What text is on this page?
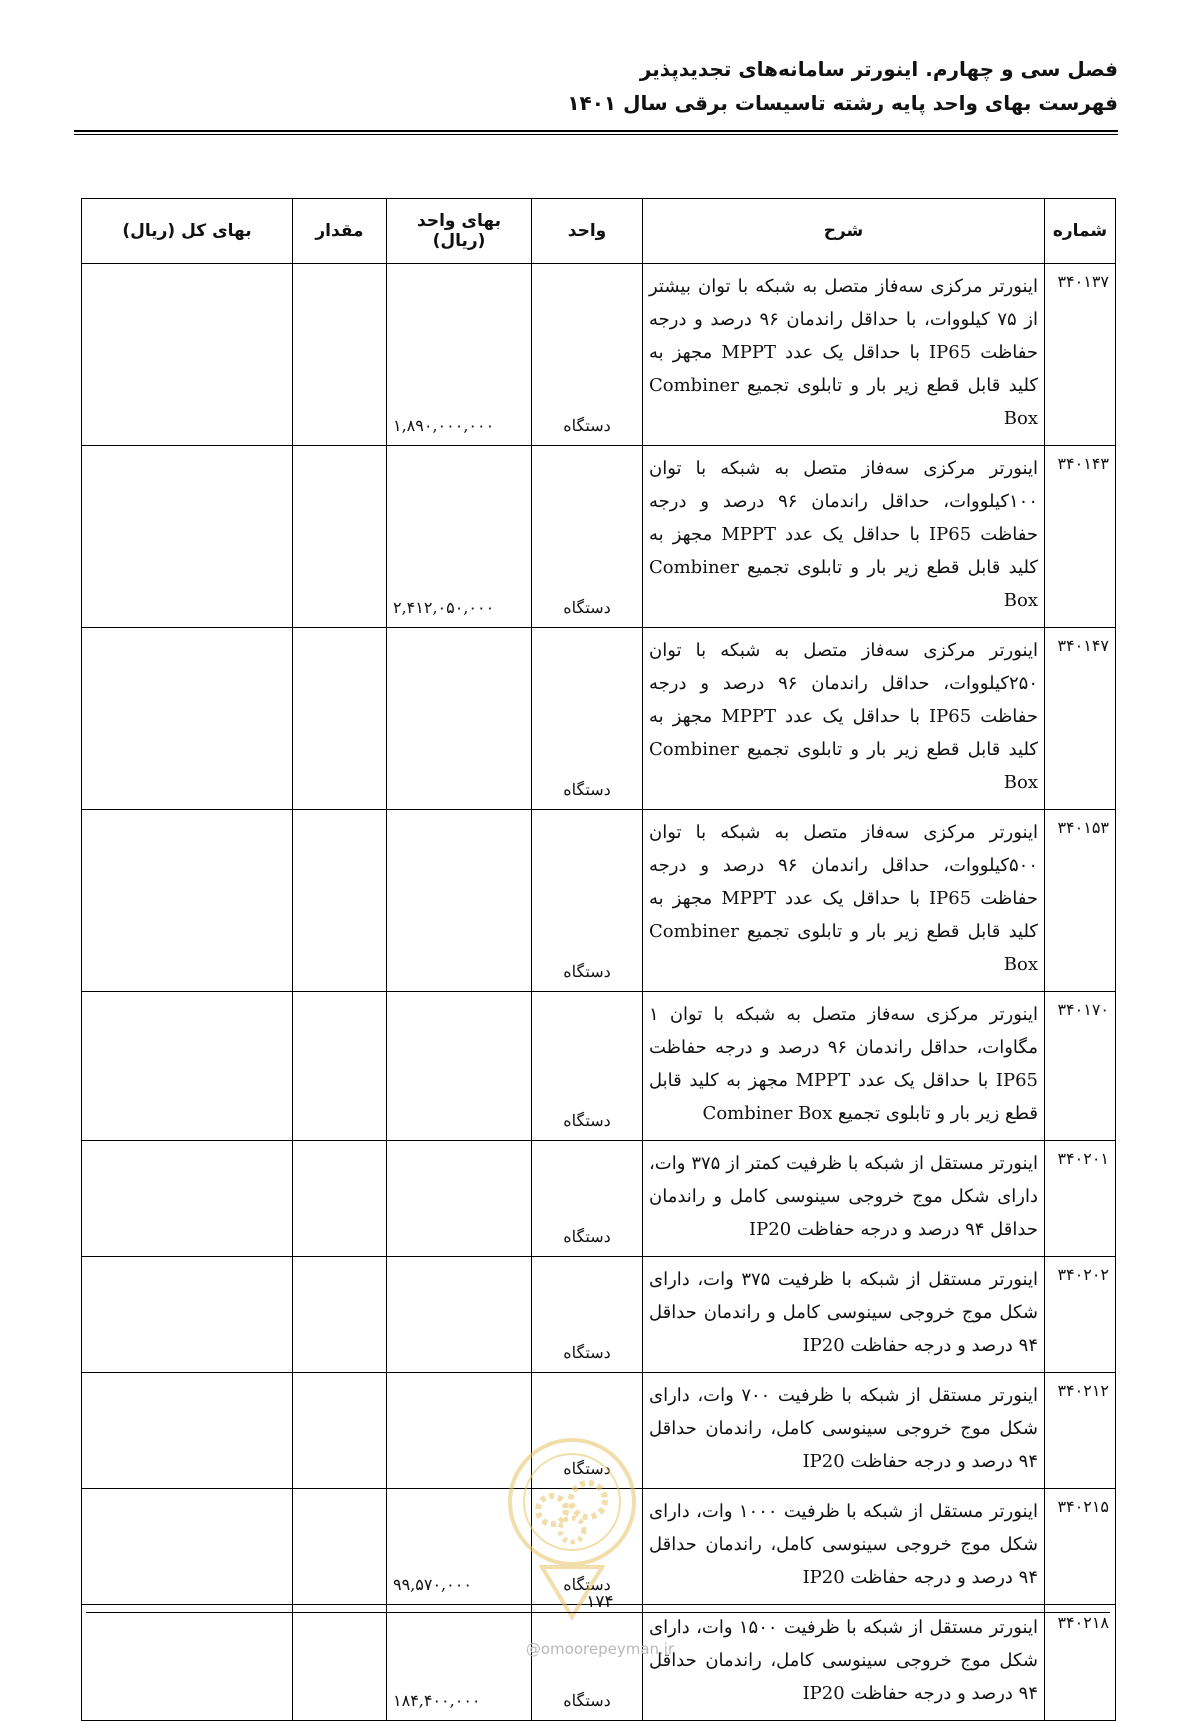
فصل سی و چهارم. اینورتر سامانه‌های تجدیدپذیر
فهرست بهای واحد پایه رشته تاسیسات برقی سال ۱۴۰۱
شماره	شرح	واحد	بهای واحد (ریال)	مقدار	بهای کل (ریال)
۳۴۰۱۳۷	اینورتر مرکزی سه‌فاز متصل به شبکه با توان بیشتر از ۷۵ کیلووات، با حداقل راندمان ۹۶ درصد و درجه حفاظت IP65 با حداقل یک عدد MPPT مجهز به کلید قابل قطع زیر بار و تابلوی تجمیع Combiner Box	دستگاه	۱,۸۹۰,۰۰۰,۰۰۰		
۳۴۰۱۴۳	اینورتر مرکزی سه‌فاز متصل به شبکه با توان ۱۰۰کیلووات، حداقل راندمان ۹۶ درصد و درجه حفاظت IP65 با حداقل یک عدد MPPT مجهز به کلید قابل قطع زیر بار و تابلوی تجمیع Combiner Box	دستگاه	۲,۴۱۲,۰۵۰,۰۰۰		
۳۴۰۱۴۷	اینورتر مرکزی سه‌فاز متصل به شبکه با توان ۲۵۰کیلووات، حداقل راندمان ۹۶ درصد و درجه حفاظت IP65 با حداقل یک عدد MPPT مجهز به کلید قابل قطع زیر بار و تابلوی تجمیع Combiner Box	دستگاه			
۳۴۰۱۵۳	اینورتر مرکزی سه‌فاز متصل به شبکه با توان ۵۰۰کیلووات، حداقل راندمان ۹۶ درصد و درجه حفاظت IP65 با حداقل یک عدد MPPT مجهز به کلید قابل قطع زیر بار و تابلوی تجمیع Combiner Box	دستگاه			
۳۴۰۱۷۰	اینورتر مرکزی سه‌فاز متصل به شبکه با توان ۱ مگاوات، حداقل راندمان ۹۶ درصد و درجه حفاظت IP65 با حداقل یک عدد MPPT مجهز به کلید قابل قطع زیر بار و تابلوی تجمیع Combiner Box	دستگاه			
۳۴۰۲۰۱	اینورتر مستقل از شبکه با ظرفیت کمتر از ۳۷۵ وات، دارای شکل موج خروجی سینوسی کامل و راندمان حداقل ۹۴ درصد و درجه حفاظت IP20	دستگاه			
۳۴۰۲۰۲	اینورتر مستقل از شبکه با ظرفیت ۳۷۵ وات، دارای شکل موج خروجی سینوسی کامل و راندمان حداقل ۹۴ درصد و درجه حفاظت IP20	دستگاه			
۳۴۰۲۱۲	اینورتر مستقل از شبکه با ظرفیت ۷۰۰ وات، دارای شکل موج خروجی سینوسی کامل، راندمان حداقل ۹۴ درصد و درجه حفاظت IP20	دستگاه			
۳۴۰۲۱۵	اینورتر مستقل از شبکه با ظرفیت ۱۰۰۰ وات، دارای شکل موج خروجی سینوسی کامل، راندمان حداقل ۹۴ درصد و درجه حفاظت IP20	دستگاه	۹۹,۵۷۰,۰۰۰		
۳۴۰۲۱۸	اینورتر مستقل از شبکه با ظرفیت ۱۵۰۰ وات، دارای شکل موج خروجی سینوسی کامل، راندمان حداقل ۹۴ درصد و درجه حفاظت IP20	دستگاه	۱۸۴,۴۰۰,۰۰۰		
۱۷۴
@omoorepeyman.ir
